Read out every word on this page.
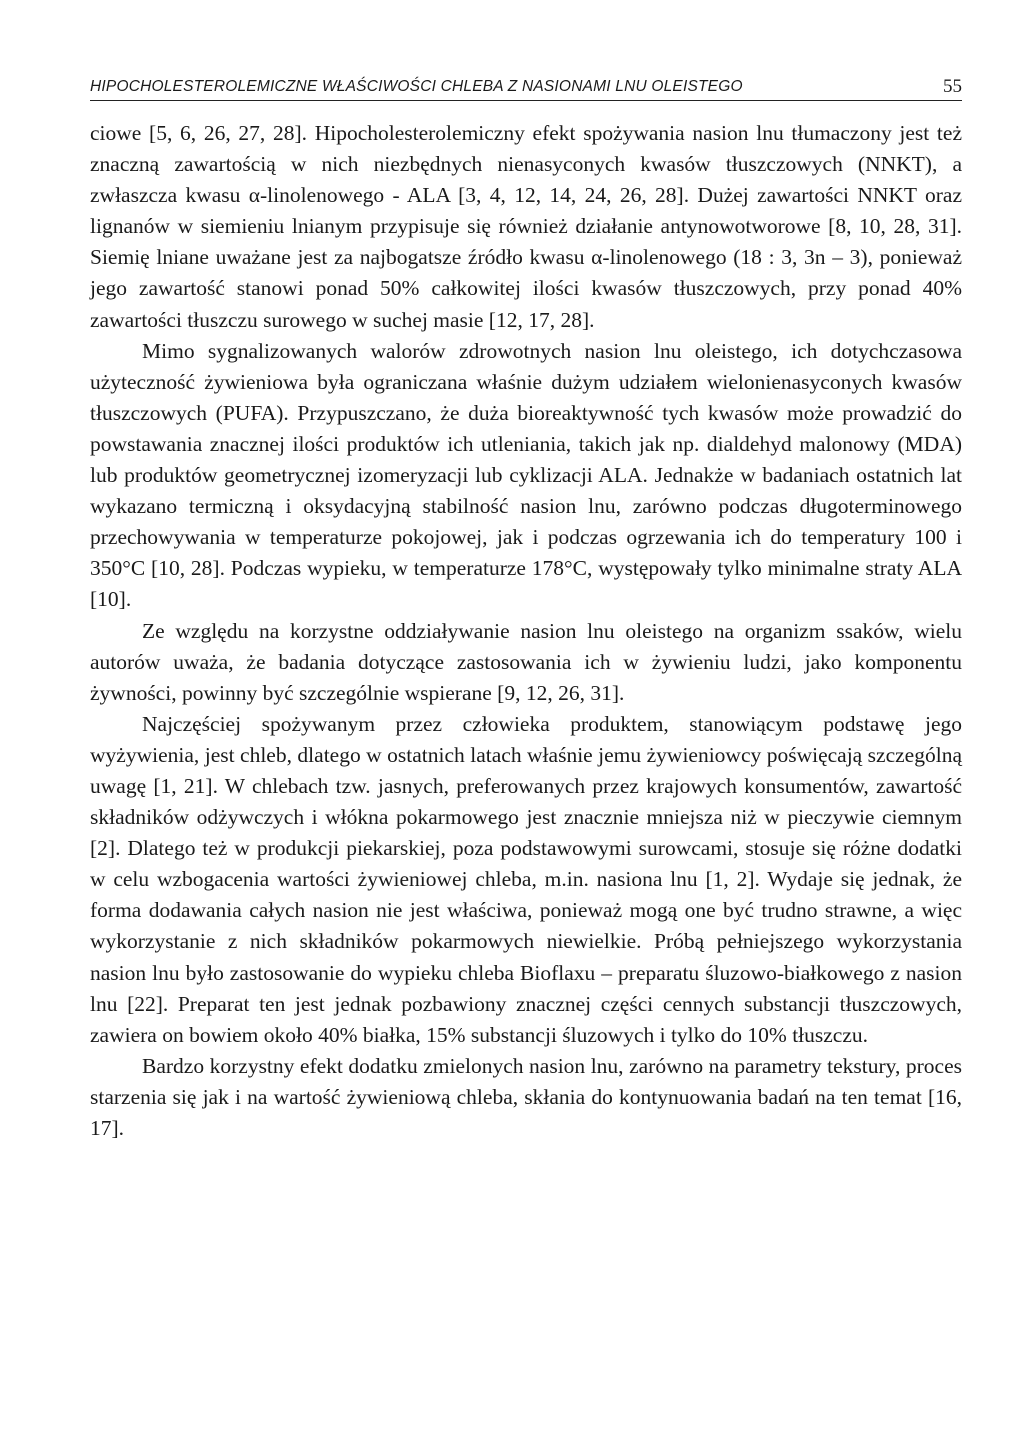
HIPOCHOLESTEROLEMICZNE WŁAŚCIWOŚCI CHLEBA Z NASIONAMI LNU OLEISTEGO	55

ciowe [5, 6, 26, 27, 28]. Hipocholesterolemiczny efekt spożywania nasion lnu tłumaczony jest też znaczną zawartością w nich niezbędnych nienasyconych kwasów tłuszczowych (NNKT), a zwłaszcza kwasu α-linolenowego - ALA [3, 4, 12, 14, 24, 26, 28]. Dużej zawartości NNKT oraz lignanów w siemieniu lnianym przypisuje się również działanie antynowotworowe [8, 10, 28, 31]. Siemię lniane uważane jest za najbogatsze źródło kwasu α-linolenowego (18 : 3, 3n – 3), ponieważ jego zawartość stanowi ponad 50% całkowitej ilości kwasów tłuszczowych, przy ponad 40% zawartości tłuszczu surowego w suchej masie [12, 17, 28].

Mimo sygnalizowanych walorów zdrowotnych nasion lnu oleistego, ich dotychczasowa użyteczność żywieniowa była ograniczana właśnie dużym udziałem wielonienasyconych kwasów tłuszczowych (PUFA). Przypuszczano, że duża bioreaktywność tych kwasów może prowadzić do powstawania znacznej ilości produktów ich utleniania, takich jak np. dialdehyd malonowy (MDA) lub produktów geometrycznej izomeryzacji lub cyklizacji ALA. Jednakże w badaniach ostatnich lat wykazano termiczną i oksydacyjną stabilność nasion lnu, zarówno podczas długoterminowego przechowywania w temperaturze pokojowej, jak i podczas ogrzewania ich do temperatury 100 i 350°C [10, 28]. Podczas wypieku, w temperaturze 178°C, występowały tylko minimalne straty ALA [10].

Ze względu na korzystne oddziaływanie nasion lnu oleistego na organizm ssaków, wielu autorów uważa, że badania dotyczące zastosowania ich w żywieniu ludzi, jako komponentu żywności, powinny być szczególnie wspierane [9, 12, 26, 31].

Najczęściej spożywanym przez człowieka produktem, stanowiącym podstawę jego wyżywienia, jest chleb, dlatego w ostatnich latach właśnie jemu żywieniowcy poświęcają szczególną uwagę [1, 21]. W chlebach tzw. jasnych, preferowanych przez krajowych konsumentów, zawartość składników odżywczych i włókna pokarmowego jest znacznie mniejsza niż w pieczywie ciemnym [2]. Dlatego też w produkcji piekarskiej, poza podstawowymi surowcami, stosuje się różne dodatki w celu wzbogacenia wartości żywieniowej chleba, m.in. nasiona lnu [1, 2]. Wydaje się jednak, że forma dodawania całych nasion nie jest właściwa, ponieważ mogą one być trudno strawne, a więc wykorzystanie z nich składników pokarmowych niewielkie. Próbą pełniejszego wykorzystania nasion lnu było zastosowanie do wypieku chleba Bioflaxu – preparatu śluzowo-białkowego z nasion lnu [22]. Preparat ten jest jednak pozbawiony znacznej części cennych substancji tłuszczowych, zawiera on bowiem około 40% białka, 15% substancji śluzowych i tylko do 10% tłuszczu.

Bardzo korzystny efekt dodatku zmielonych nasion lnu, zarówno na parametry tekstury, proces starzenia się jak i na wartość żywieniową chleba, skłania do kontynuowania badań na ten temat [16, 17].
